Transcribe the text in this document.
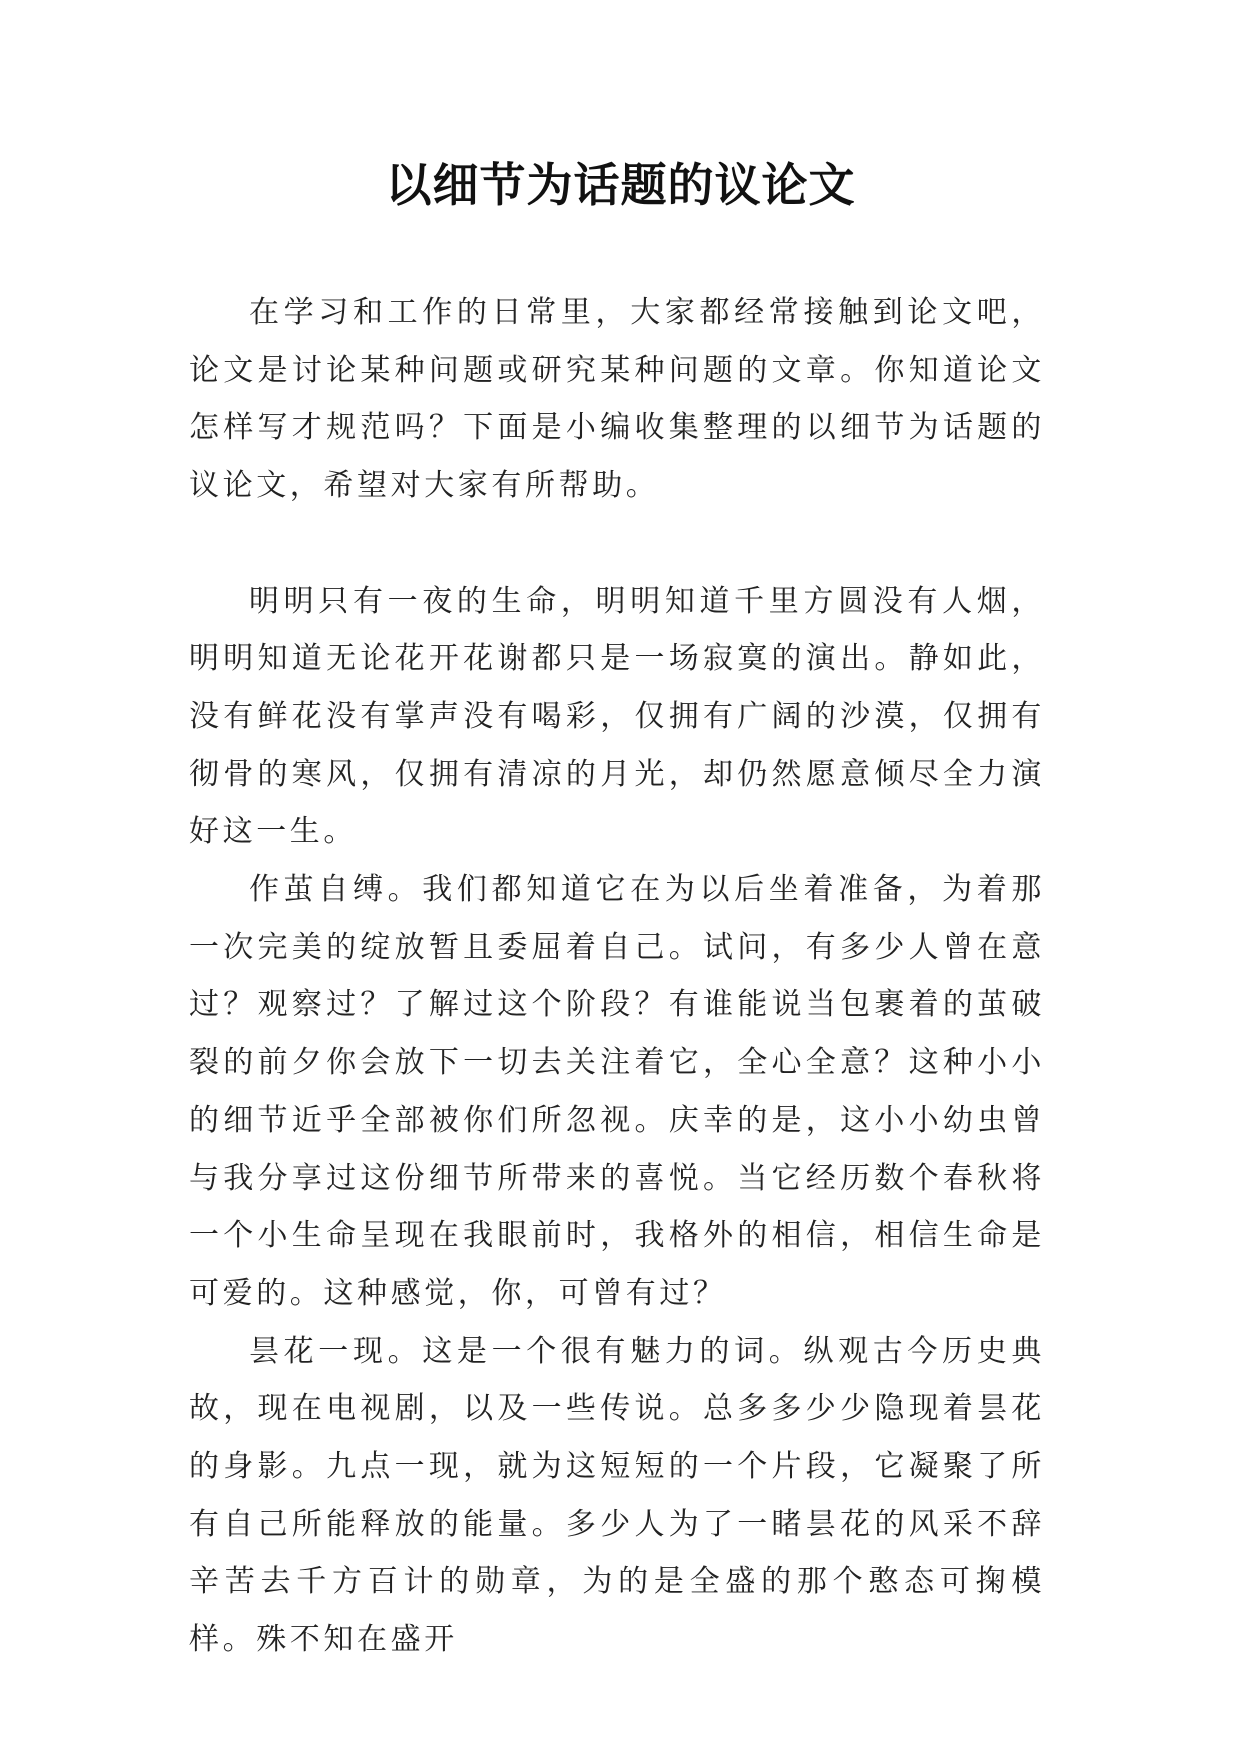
以细节为话题的议论文

在学习和工作的日常里，大家都经常接触到论文吧，论文是讨论某种问题或研究某种问题的文章。你知道论文怎样写才规范吗？下面是小编收集整理的以细节为话题的议论文，希望对大家有所帮助。

明明只有一夜的生命，明明知道千里方圆没有人烟，明明知道无论花开花谢都只是一场寂寞的演出。静如此，没有鲜花没有掌声没有喝彩，仅拥有广阔的沙漠，仅拥有彻骨的寒风，仅拥有清凉的月光，却仍然愿意倾尽全力演好这一生。

作茧自缚。我们都知道它在为以后坐着准备，为着那一次完美的绽放暂且委屈着自己。试问，有多少人曾在意过？观察过？了解过这个阶段？有谁能说当包裹着的茧破裂的前夕你会放下一切去关注着它，全心全意？这种小小的细节近乎全部被你们所忽视。庆幸的是，这小小幼虫曾与我分享过这份细节所带来的喜悦。当它经历数个春秋将一个小生命呈现在我眼前时，我格外的相信，相信生命是可爱的。这种感觉，你，可曾有过？

昙花一现。这是一个很有魅力的词。纵观古今历史典故，现在电视剧，以及一些传说。总多多少少隐现着昙花的身影。九点一现，就为这短短的一个片段，它凝聚了所有自己所能释放的能量。多少人为了一睹昙花的风采不辞辛苦去千方百计的勋章，为的是全盛的那个憨态可掬模样。殊不知在盛开
